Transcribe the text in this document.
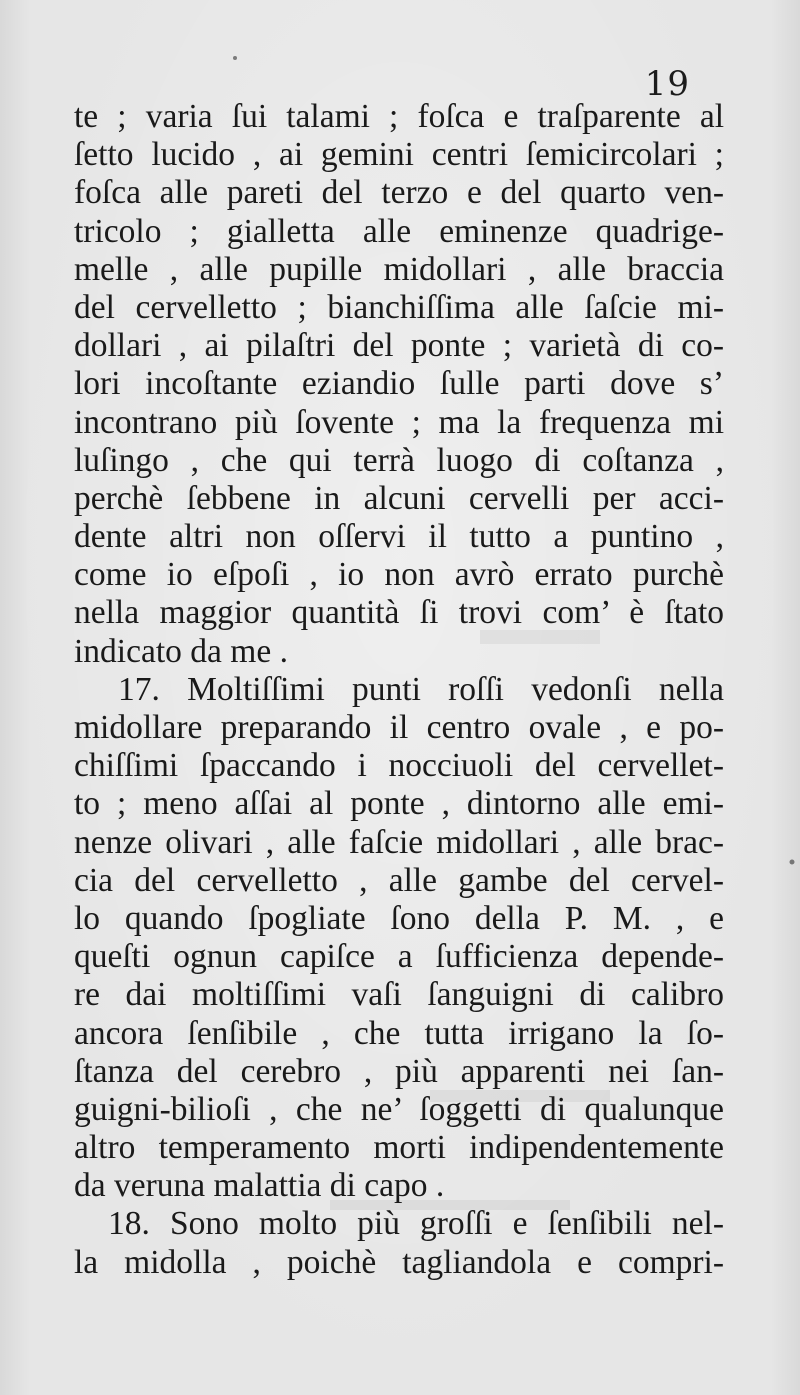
19
te ; varia ſui talami ; foſca e traſparente al
ſetto lucido , ai gemini centri ſemicircolari ;
foſca alle pareti del terzo e del quarto ven-
tricolo ; gialletta alle eminenze quadrige-
melle , alle pupille midollari , alle braccia
del cervelletto ; bianchiſſima alle ſaſcie mi-
dollari , ai pilaſtri del ponte ; varietà di co-
lori incoſtante eziandio ſulle parti dove s’
incontrano più ſovente ; ma la frequenza mi
luſingo , che qui terrà luogo di coſtanza ,
perchè ſebbene in alcuni cervelli per acci-
dente altri non oſſervi il tutto a puntino ,
come io eſpoſi , io non avrò errato purchè
nella maggior quantità ſi trovi com’ è ſtato
indicato da me .
17. Moltiſſimi punti roſſi vedonſi nella
midollare preparando il centro ovale , e po-
chiſſimi ſpaccando i nocciuoli del cervellet-
to ; meno aſſai al ponte , dintorno alle emi-
nenze olivari , alle faſcie midollari , alle brac-
cia del cervelletto , alle gambe del cervel-
lo quando ſpogliate ſono della P. M. , e
queſti ognun capiſce a ſufficienza depende-
re dai moltiſſimi vaſi ſanguigni di calibro
ancora ſenſibile , che tutta irrigano la ſo-
ſtanza del cerebro , più apparenti nei ſan-
guigni-bilioſi , che ne’ ſoggetti di qualunque
altro temperamento morti indipendentemente
da veruna malattia di capo .
18. Sono molto più groſſi e ſenſibili nel-
la midolla , poichè tagliandola e compri-
